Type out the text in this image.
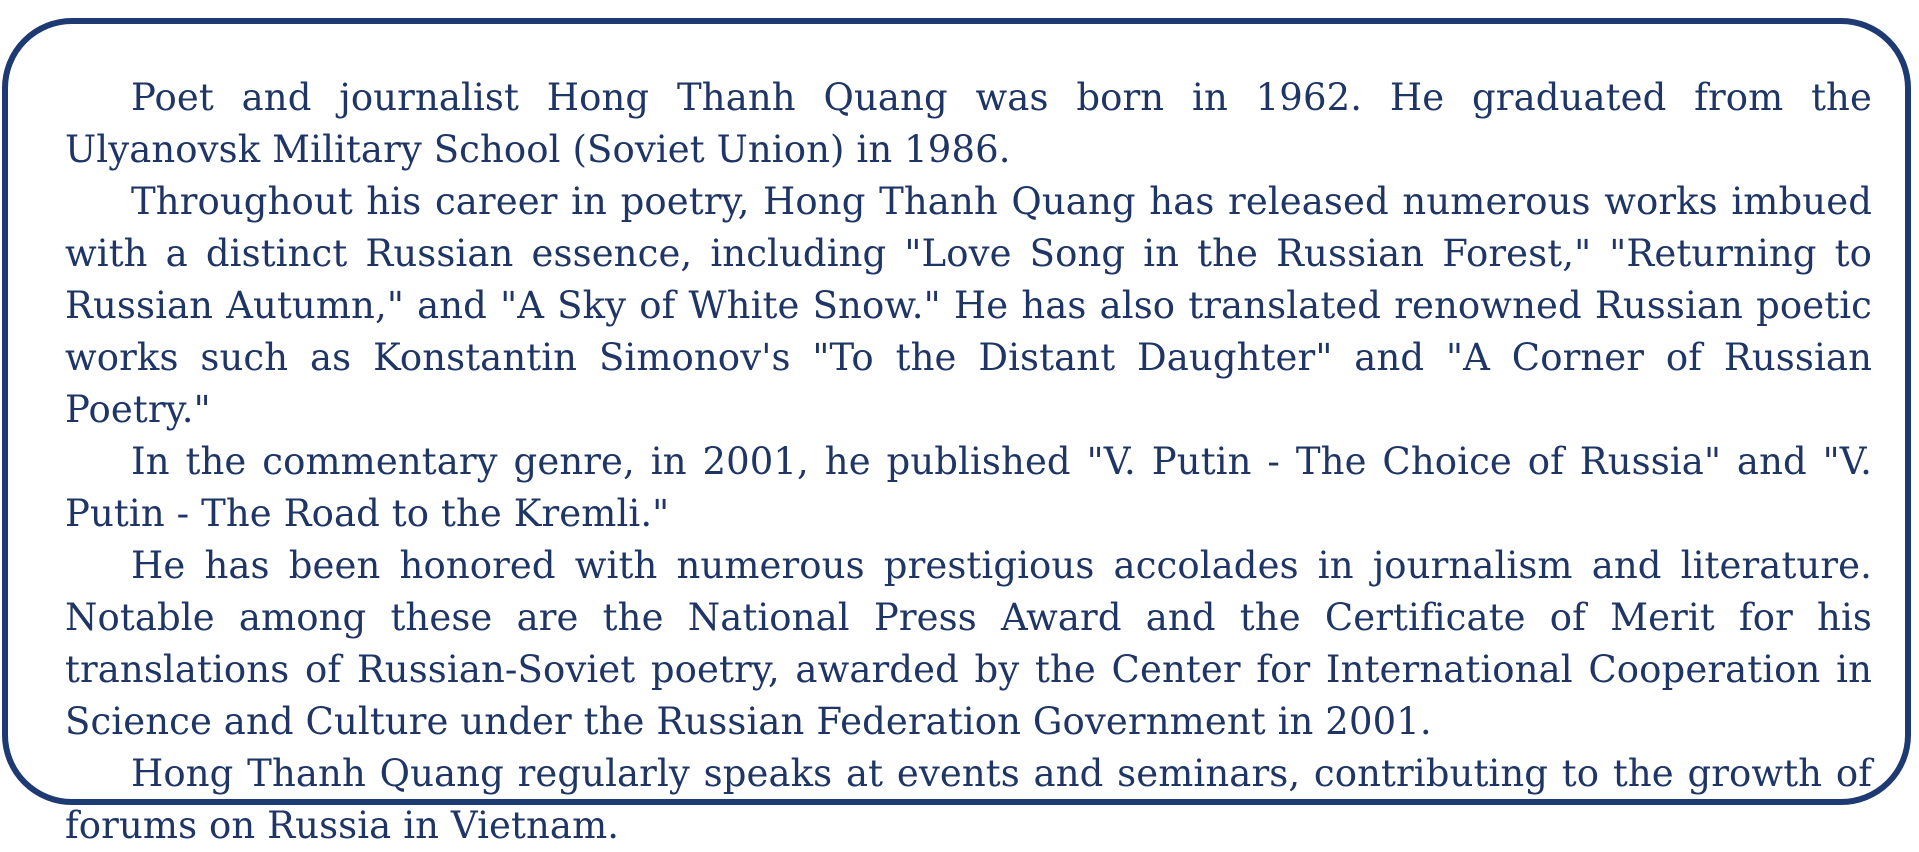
Poet and journalist Hong Thanh Quang was born in 1962. He graduated from the Ulyanovsk Military School (Soviet Union) in 1986.

Throughout his career in poetry, Hong Thanh Quang has released numerous works imbued with a distinct Russian essence, including "Love Song in the Russian Forest," "Returning to Russian Autumn," and "A Sky of White Snow." He has also translated renowned Russian poetic works such as Konstantin Simonov's "To the Distant Daughter" and "A Corner of Russian Poetry."

In the commentary genre, in 2001, he published "V. Putin - The Choice of Russia" and "V. Putin - The Road to the Kremli."

He has been honored with numerous prestigious accolades in journalism and literature. Notable among these are the National Press Award and the Certificate of Merit for his translations of Russian-Soviet poetry, awarded by the Center for International Cooperation in Science and Culture under the Russian Federation Government in 2001.

Hong Thanh Quang regularly speaks at events and seminars, contributing to the growth of forums on Russia in Vietnam.
